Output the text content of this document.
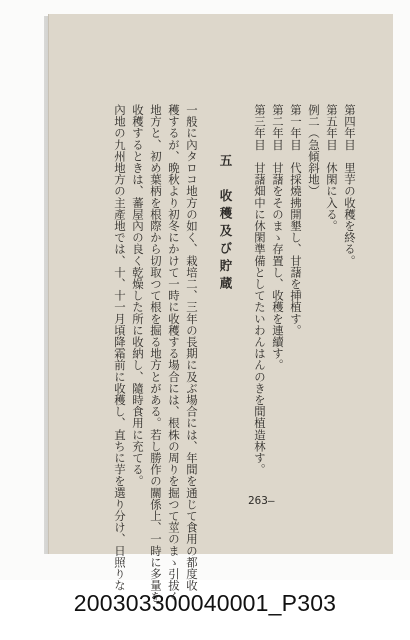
第四年目　里芋の收穫を終る。
第五年目　休閑に入る。
例二（急傾斜地）
第一年目　代採燒拂開墾し、甘藷を挿植す。
第二年目　甘藷をそのまゝ存置し、收穫を連續す。
第三年目　甘藷畑中に休閑準備としてたいわんはんのきを間植造林す。
五　收穫及び貯蔵
一般に內タロコ地方の如く、栽培二、三年の長期に及ぶ場合には、年間を通じて食用の都度收
穫するが、晩秋より初冬にかけて一時に收穫する場合には、根株の周りを掘つて莖のまゝ引拔く
地方と、初め葉柄を根際から切取つて根を掘る地方とがある。若し勝作の關係上、一時に多量を
收穫するときは、蕃屋內の良く乾燥した所に收納し、隨時食用に充てる。
內地の九州地方の主產地では、十、十一月頃降霜前に收穫し、直ちに芋を選り分け、日照りな	263—
200303300040001_P303
